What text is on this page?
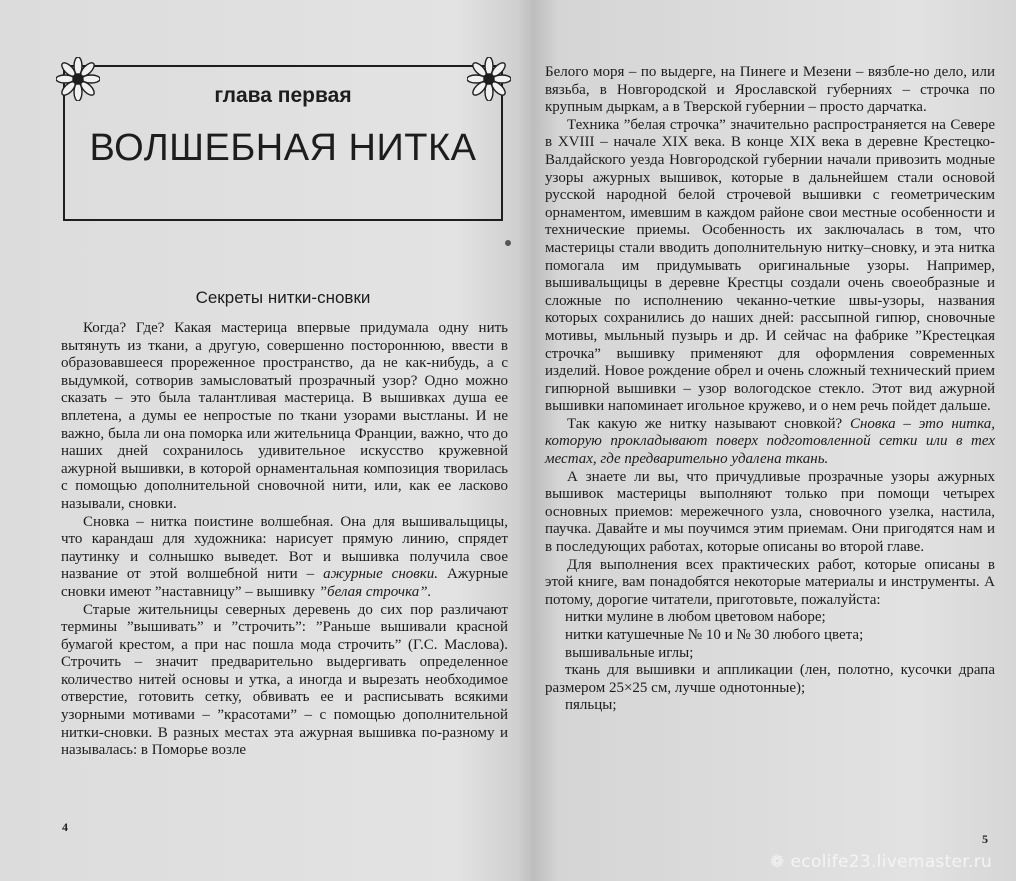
глава первая
ВОЛШЕБНАЯ НИТКА
Секреты нитки-сновки

Когда? Где? Какая мастерица впервые придумала одну нить вытянуть из ткани, а другую, совершенно постороннюю, ввести в образовавшееся прореженное пространство, да не как-нибудь, а с выдумкой, сотворив замысловатый прозрачный узор? Одно можно сказать – это была талантливая мастерица. В вышивках душа ее вплетена, а думы ее непростые по ткани узорами выстланы. И не важно, была ли она поморка или жительница Франции, важно, что до наших дней сохранилось удивительное искусство кружевной ажурной вышивки, в которой орнаментальная композиция творилась с помощью дополнительной сновочной нити, или, как ее ласково называли, сновки.

Сновка – нитка поистине волшебная. Она для вышивальщицы, что карандаш для художника: нарисует прямую линию, спрядет паутинку и солнышко выведет. Вот и вышивка получила свое название от этой волшебной нити – ажурные сновки. Ажурные сновки имеют ”наставницу” – вышивку ”белая строчка”.

Старые жительницы северных деревень до сих пор различают термины ”вышивать” и ”строчить”: ”Раньше вышивали красной бумагой крестом, а при нас пошла мода строчить” (Г.С. Маслова). Строчить – значит предварительно выдергивать определенное количество нитей основы и утка, а иногда и вырезать необходимое отверстие, готовить сетку, обвивать ее и расписывать всякими узорными мотивами – ”красотами” – с помощью дополнительной нитки-сновки. В разных местах эта ажурная вышивка по-разному и называлась: в Поморье возле

4

Белого моря – по выдерге, на Пинеге и Мезени – вязбле-но дело, или вязьба, в Новгородской и Ярославской губерниях – строчка по крупным дыркам, а в Тверской губернии – просто дарчатка.

Техника ”белая строчка” значительно распространяется на Севере в XVIII – начале XIX века. В конце XIX века в деревне Крестецко-Валдайского уезда Новгородской губернии начали привозить модные узоры ажурных вышивок, которые в дальнейшем стали основой русской народной белой строчевой вышивки с геометрическим орнаментом, имевшим в каждом районе свои местные особенности и технические приемы. Особенность их заключалась в том, что мастерицы стали вводить дополнительную нитку–сновку, и эта нитка помогала им придумывать оригинальные узоры. Например, вышивальщицы в деревне Крестцы создали очень своеобразные и сложные по исполнению чеканно-четкие швы-узоры, названия которых сохранились до наших дней: рассыпной гипюр, сновочные мотивы, мыльный пузырь и др. И сейчас на фабрике ”Крестецкая строчка” вышивку применяют для оформления современных изделий. Новое рождение обрел и очень сложный технический прием гипюрной вышивки – узор вологодское стекло. Этот вид ажурной вышивки напоминает игольное кружево, и о нем речь пойдет дальше.

Так какую же нитку называют сновкой? Сновка – это нитка, которую прокладывают поверх подготовленной сетки или в тех местах, где предварительно удалена ткань.

А знаете ли вы, что причудливые прозрачные узоры ажурных вышивок мастерицы выполняют только при помощи четырех основных приемов: мережечного узла, сновочного узелка, настила, паучка. Давайте и мы поучимся этим приемам. Они пригодятся нам и в последующих работах, которые описаны во второй главе.

Для выполнения всех практических работ, которые описаны в этой книге, вам понадобятся некоторые материалы и инструменты. А потому, дорогие читатели, приготовьте, пожалуйста:

нитки мулине в любом цветовом наборе;

нитки катушечные № 10 и № 30 любого цвета;

вышивальные иглы;

ткань для вышивки и аппликации (лен, полотно, кусочки драпа размером 25×25 см, лучше однотонные);

пяльцы;

5
❁ ecolife23.livemaster.ru
